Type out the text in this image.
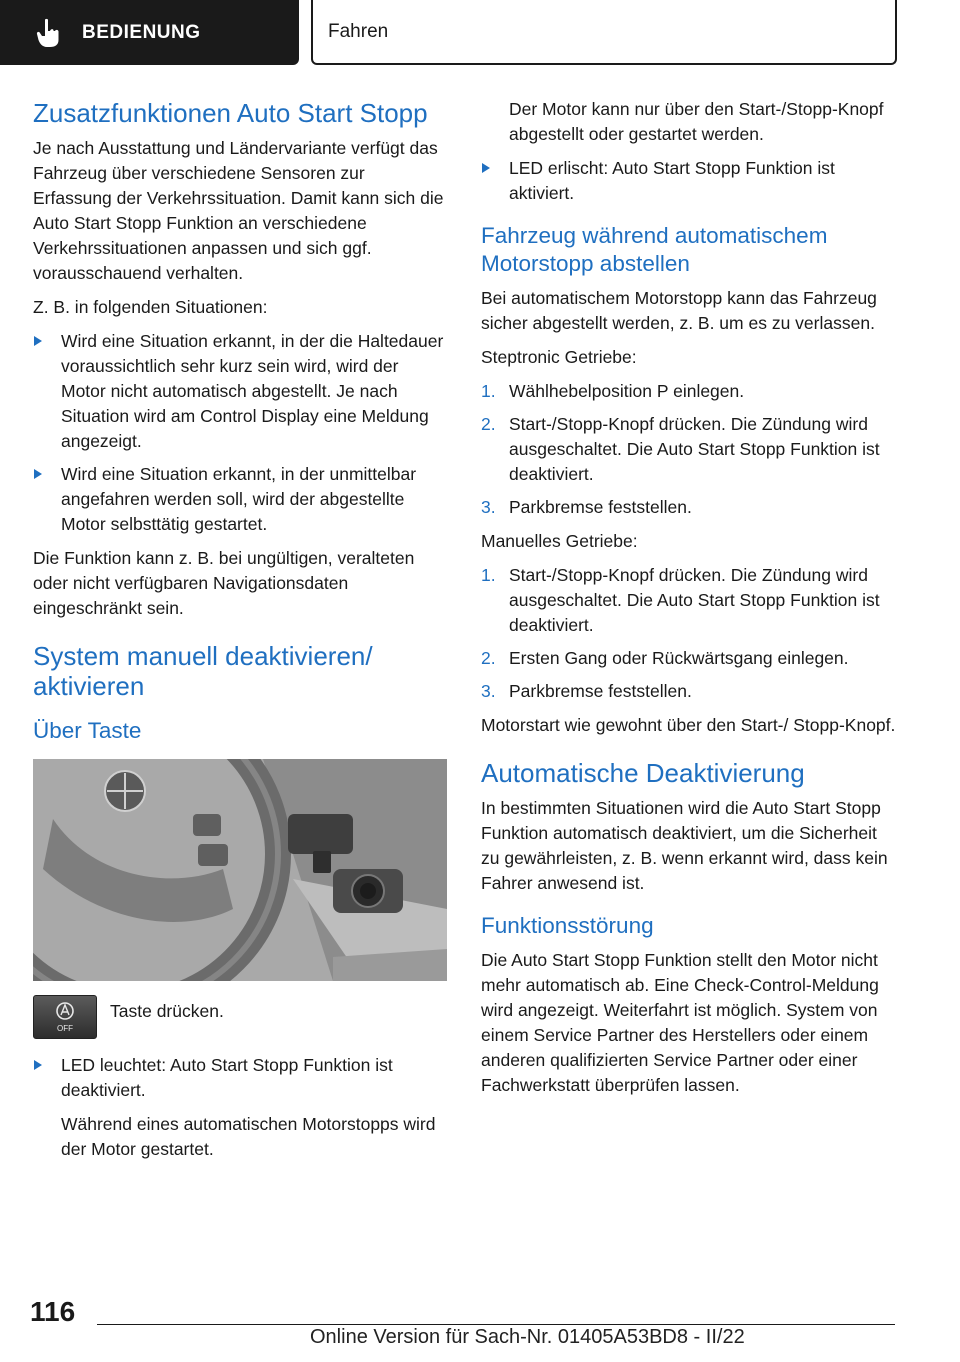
BEDIENUNG	Fahren
Zusatzfunktionen Auto Start Stopp

Je nach Ausstattung und Ländervariante verfügt das Fahrzeug über verschiedene Sensoren zur Erfassung der Verkehrssituation. Damit kann sich die Auto Start Stopp Funktion an verschiedene Verkehrssituationen anpassen und sich ggf. vorausschauend verhalten.

Z. B. in folgenden Situationen:

Wird eine Situation erkannt, in der die Haltedauer voraussichtlich sehr kurz sein wird, wird der Motor nicht automatisch abgestellt. Je nach Situation wird am Control Display eine Meldung angezeigt.
Wird eine Situation erkannt, in der unmittelbar angefahren werden soll, wird der abgestellte Motor selbsttätig gestartet.

Die Funktion kann z. B. bei ungültigen, veralteten oder nicht verfügbaren Navigationsdaten eingeschränkt sein.

System manuell deaktivieren/ aktivieren
Über Taste
OFF
Taste drücken.
LED leuchtet: Auto Start Stopp Funktion ist deaktiviert.

Während eines automatischen Motorstopps wird der Motor gestartet.

Der Motor kann nur über den Start-/Stopp-Knopf abgestellt oder gestartet werden.

LED erlischt: Auto Start Stopp Funktion ist aktiviert.
Fahrzeug während automatischem Motorstopp abstellen

Bei automatischem Motorstopp kann das Fahrzeug sicher abgestellt werden, z. B. um es zu verlassen.

Steptronic Getriebe:

1. Wählhebelposition P einlegen.
2. Start-/Stopp-Knopf drücken. Die Zündung wird ausgeschaltet. Die Auto Start Stopp Funktion ist deaktiviert.
3. Parkbremse feststellen.

Manuelles Getriebe:

1. Start-/Stopp-Knopf drücken. Die Zündung wird ausgeschaltet. Die Auto Start Stopp Funktion ist deaktiviert.
2. Ersten Gang oder Rückwärtsgang einlegen.
3. Parkbremse feststellen.

Motorstart wie gewohnt über den Start-/ Stopp-Knopf.

Automatische Deaktivierung

In bestimmten Situationen wird die Auto Start Stopp Funktion automatisch deaktiviert, um die Sicherheit zu gewährleisten, z. B. wenn erkannt wird, dass kein Fahrer anwesend ist.

Funktionsstörung

Die Auto Start Stopp Funktion stellt den Motor nicht mehr automatisch ab. Eine Check-Control-Meldung wird angezeigt. Weiterfahrt ist möglich. System von einem Service Partner des Herstellers oder einem anderen qualifizierten Service Partner oder einer Fachwerkstatt überprüfen lassen.

116
Online Version für Sach-Nr. 01405A53BD8 - II/22
